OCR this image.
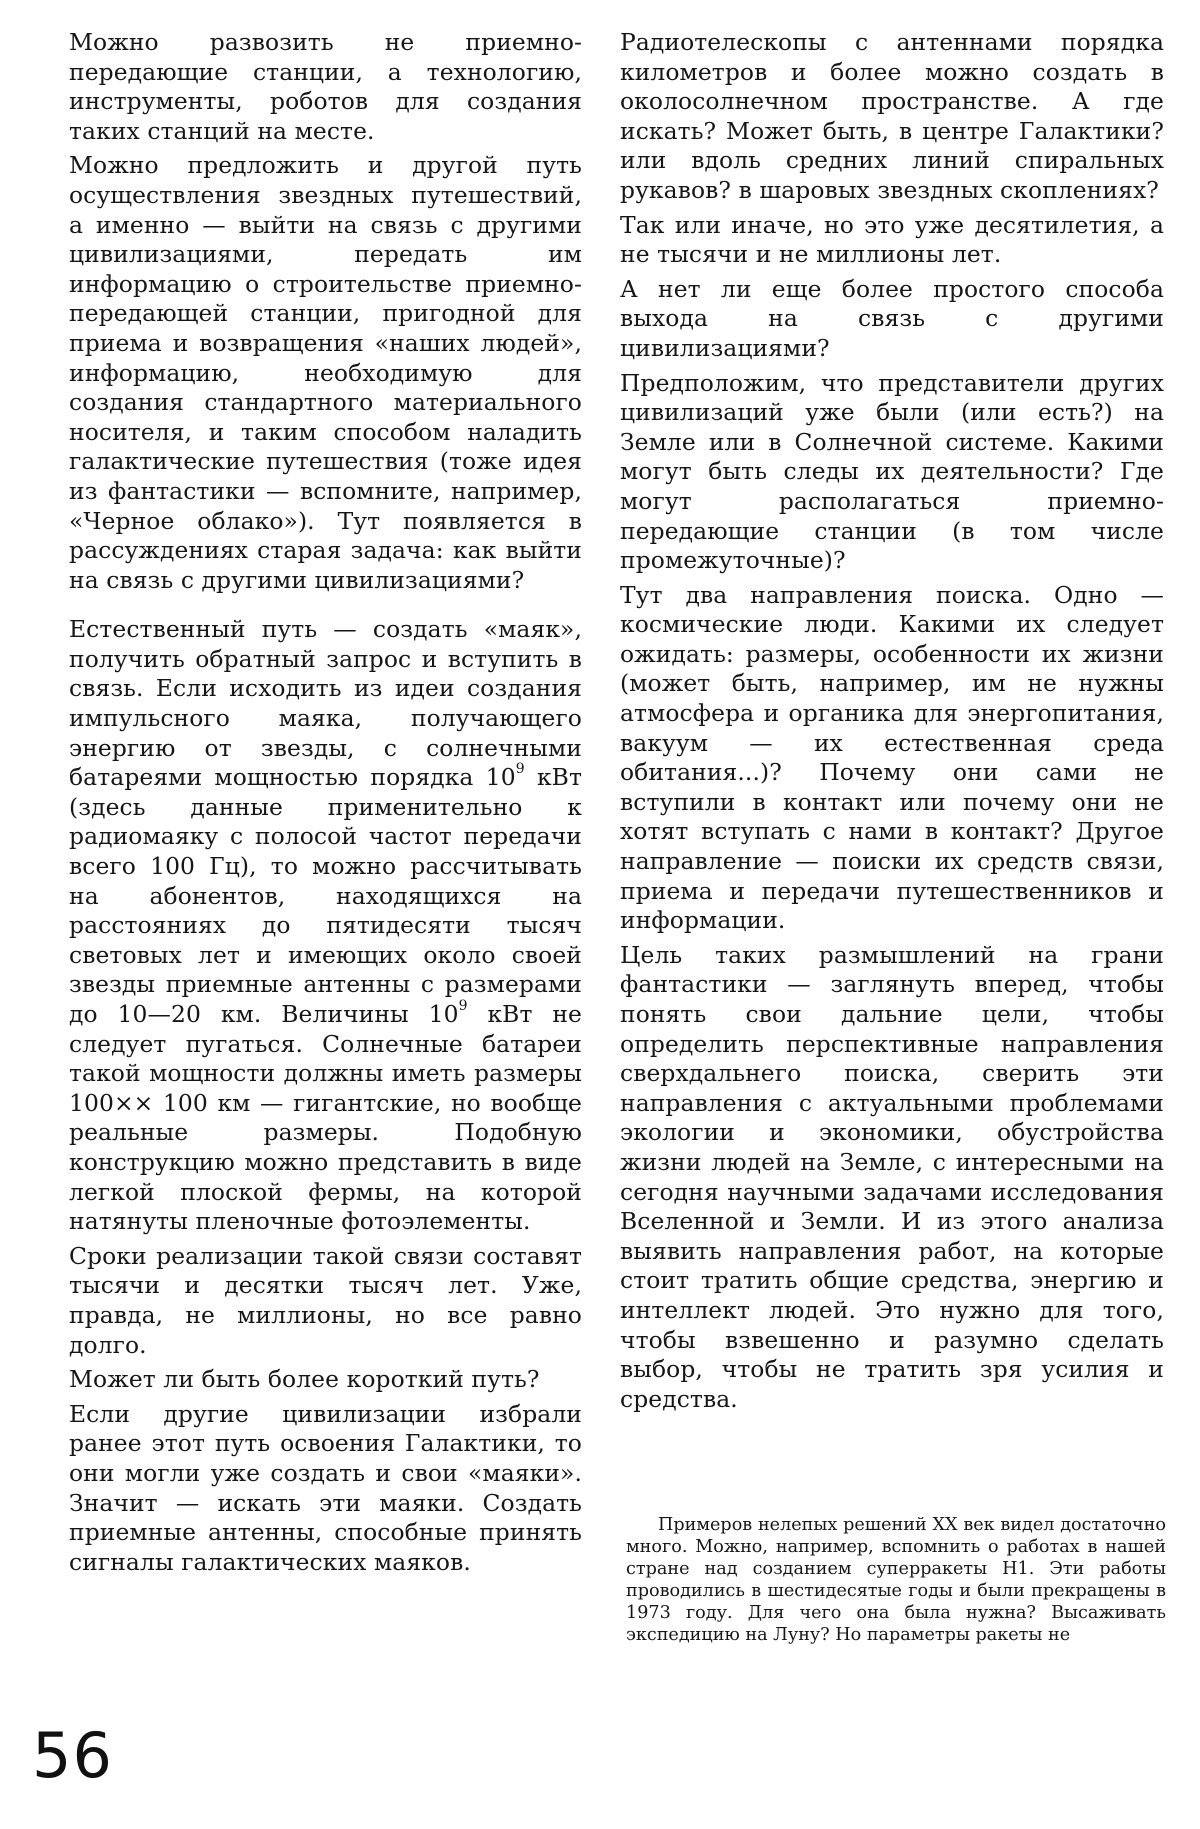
Можно развозить не приемно-передающие станции, а технологию, инструменты, роботов для создания таких станций на месте.

Можно предложить и другой путь осуществления звездных путешествий, а именно — выйти на связь с другими цивилизациями, передать им информацию о строительстве приемно-передающей станции, пригодной для приема и возвращения «наших людей», информацию, необходимую для создания стандартного материального носителя, и таким способом наладить галактические путешествия (тоже идея из фантастики — вспомните, например, «Черное облако»). Тут появляется в рассуждениях старая задача: как выйти на связь с другими цивилизациями?

Естественный путь — создать «маяк», получить обратный запрос и вступить в связь. Если исходить из идеи создания импульсного маяка, получающего энергию от звезды, с солнечными батареями мощностью порядка $10^9$ кВт (здесь данные применительно к радиомаяку с полосой частот передачи всего 100 Гц), то можно рассчитывать на абонентов, находящихся на расстояниях до пятидесяти тысяч световых лет и имеющих около своей звезды приемные антенны с размерами до 10—20 км. Величины $10^9$ кВт не следует пугаться. Солнечные батареи такой мощности должны иметь размеры 100×× 100 км — гигантские, но вообще реальные размеры. Подобную конструкцию можно представить в виде легкой плоской фермы, на которой натянуты пленочные фотоэлементы.

Сроки реализации такой связи составят тысячи и десятки тысяч лет. Уже, правда, не миллионы, но все равно долго.

Может ли быть более короткий путь?

Если другие цивилизации избрали ранее этот путь освоения Галактики, то они могли уже создать и свои «маяки». Значит — искать эти маяки. Создать приемные антенны, способные принять сигналы галактических маяков.

Радиотелескопы с антеннами порядка километров и более можно создать в околосолнечном пространстве. А где искать? Может быть, в центре Галактики? или вдоль средних линий спиральных рукавов? в шаровых звездных скоплениях?

Так или иначе, но это уже десятилетия, а не тысячи и не миллионы лет.

А нет ли еще более простого способа выхода на связь с другими цивилизациями?

Предположим, что представители других цивилизаций уже были (или есть?) на Земле или в Солнечной системе. Какими могут быть следы их деятельности? Где могут располагаться приемно-передающие станции (в том числе промежуточные)?

Тут два направления поиска. Одно — космические люди. Какими их следует ожидать: размеры, особенности их жизни (может быть, например, им не нужны атмосфера и органика для энергопитания, вакуум — их естественная среда обитания...)? Почему они сами не вступили в контакт или почему они не хотят вступать с нами в контакт? Другое направление — поиски их средств связи, приема и передачи путешественников и информации.

Цель таких размышлений на грани фантастики — заглянуть вперед, чтобы понять свои дальние цели, чтобы определить перспективные направления сверхдальнего поиска, сверить эти направления с актуальными проблемами экологии и экономики, обустройства жизни людей на Земле, с интересными на сегодня научными задачами исследования Вселенной и Земли. И из этого анализа выявить направления работ, на которые стоит тратить общие средства, энергию и интеллект людей. Это нужно для того, чтобы взвешенно и разумно сделать выбор, чтобы не тратить зря усилия и средства.

Примеров нелепых решений XX век видел достаточно много. Можно, например, вспомнить о работах в нашей стране над созданием суперракеты Н1. Эти работы проводились в шестидесятые годы и были прекращены в 1973 году. Для чего она была нужна? Высаживать экспедицию на Луну? Но параметры ракеты не

56
